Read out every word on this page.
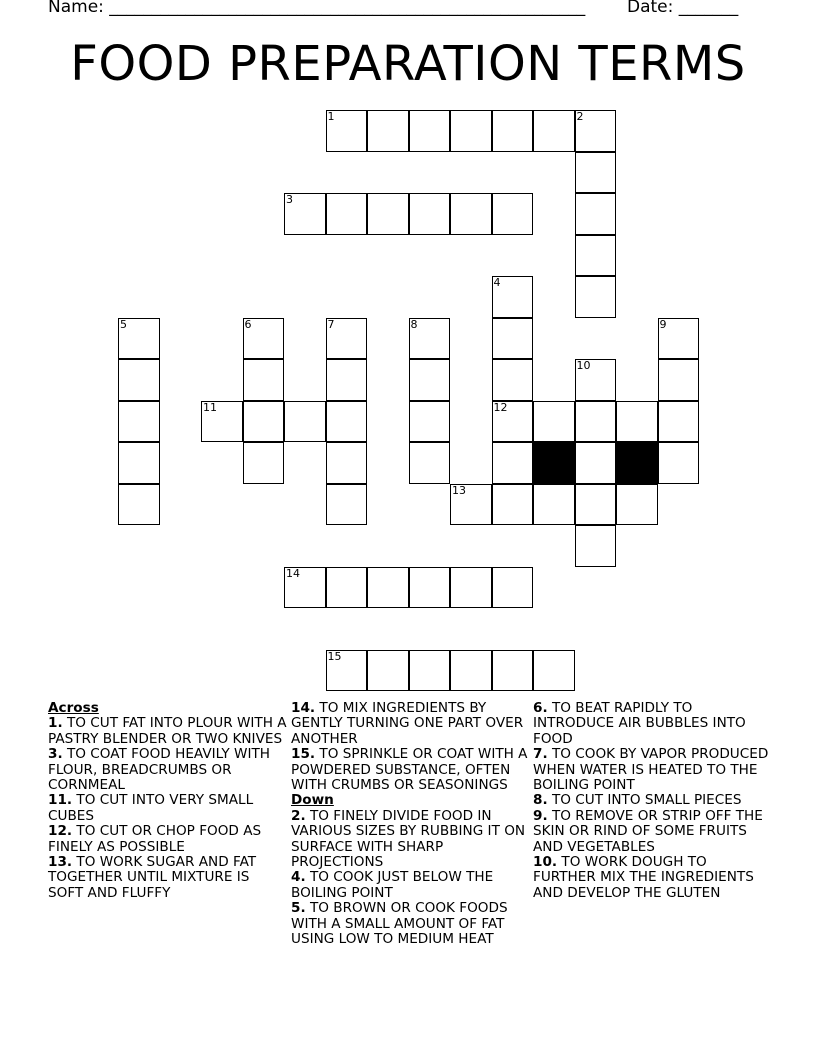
Name: ________________________________________________________ Date: _______
FOOD PREPARATION TERMS
1	2
3
4
12
5	6	7	8	9
10
11
13
14
15
Across
1. TO CUT FAT INTO PLOUR WITH A PASTRY BLENDER OR TWO KNIVES
3. TO COAT FOOD HEAVILY WITH FLOUR, BREADCRUMBS OR CORNMEAL
11. TO CUT INTO VERY SMALL CUBES
12. TO CUT OR CHOP FOOD AS FINELY AS POSSIBLE
13. TO WORK SUGAR AND FAT TOGETHER UNTIL MIXTURE IS SOFT AND FLUFFY
14. TO MIX INGREDIENTS BY GENTLY TURNING ONE PART OVER ANOTHER
15. TO SPRINKLE OR COAT WITH A POWDERED SUBSTANCE, OFTEN WITH CRUMBS OR SEASONINGS
Down
2. TO FINELY DIVIDE FOOD IN VARIOUS SIZES BY RUBBING IT ON SURFACE WITH SHARP PROJECTIONS
4. TO COOK JUST BELOW THE BOILING POINT
5. TO BROWN OR COOK FOODS WITH A SMALL AMOUNT OF FAT USING LOW TO MEDIUM HEAT
6. TO BEAT RAPIDLY TO INTRODUCE AIR BUBBLES INTO FOOD
7. TO COOK BY VAPOR PRODUCED WHEN WATER IS HEATED TO THE BOILING POINT
8. TO CUT INTO SMALL PIECES
9. TO REMOVE OR STRIP OFF THE SKIN OR RIND OF SOME FRUITS AND VEGETABLES
10. TO WORK DOUGH TO FURTHER MIX THE INGREDIENTS AND DEVELOP THE GLUTEN
